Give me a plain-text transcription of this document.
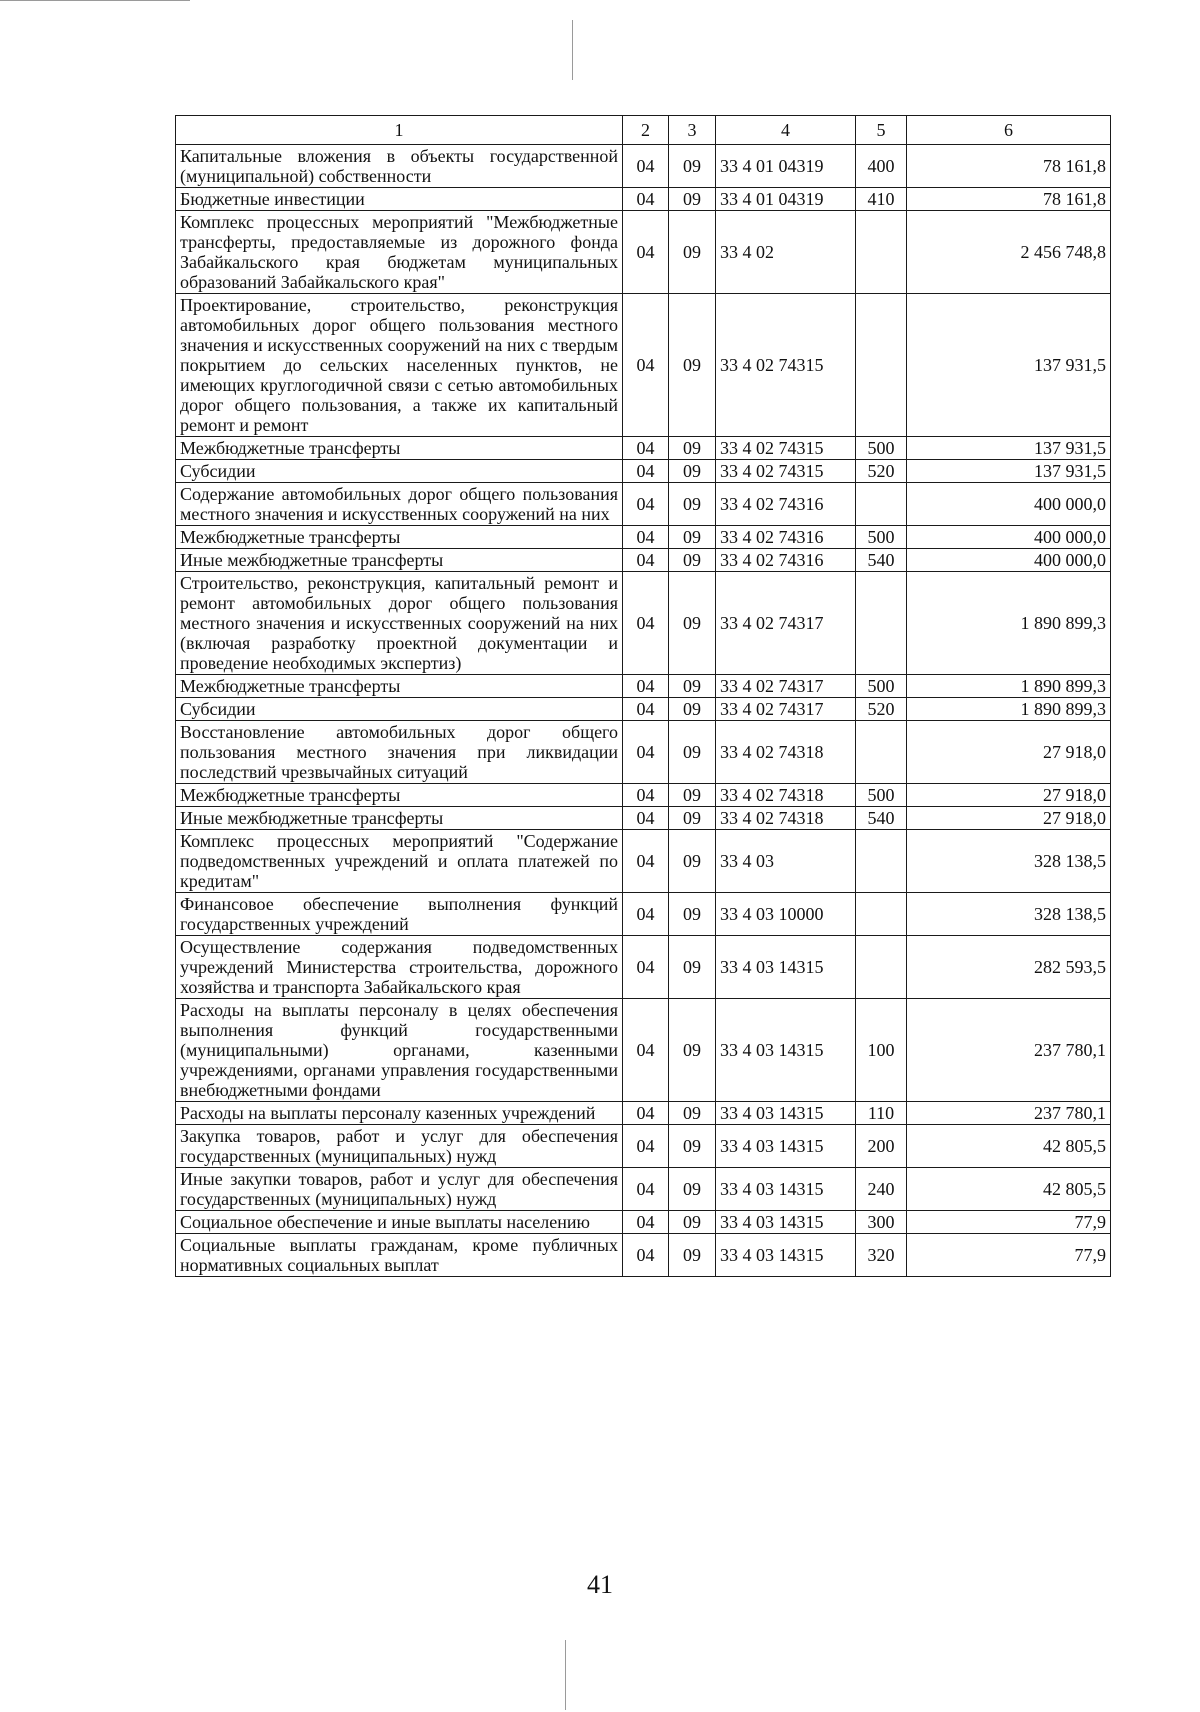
1	2	3	4	5	6
Капитальные вложения в объекты государственной (муниципальной) собственности	04	09	33 4 01 04319	400	78 161,8
Бюджетные инвестиции	04	09	33 4 01 04319	410	78 161,8
Комплекс процессных мероприятий "Межбюджетные трансферты, предоставляемые из дорожного фонда Забайкальского края бюджетам муниципальных образований Забайкальского края"	04	09	33 4 02		2 456 748,8
Проектирование, строительство, реконструкция автомобильных дорог общего пользования местного значения и искусственных сооружений на них с твердым покрытием до сельских населенных пунктов, не имеющих круглогодичной связи с сетью автомобильных дорог общего пользования, а также их капитальный ремонт и ремонт	04	09	33 4 02 74315		137 931,5
Межбюджетные трансферты	04	09	33 4 02 74315	500	137 931,5
Субсидии	04	09	33 4 02 74315	520	137 931,5
Содержание автомобильных дорог общего пользования местного значения и искусственных сооружений на них	04	09	33 4 02 74316		400 000,0
Межбюджетные трансферты	04	09	33 4 02 74316	500	400 000,0
Иные межбюджетные трансферты	04	09	33 4 02 74316	540	400 000,0
Строительство, реконструкция, капитальный ремонт и ремонт автомобильных дорог общего пользования местного значения и искусственных сооружений на них (включая разработку проектной документации и проведение необходимых экспертиз)	04	09	33 4 02 74317		1 890 899,3
Межбюджетные трансферты	04	09	33 4 02 74317	500	1 890 899,3
Субсидии	04	09	33 4 02 74317	520	1 890 899,3
Восстановление автомобильных дорог общего пользования местного значения при ликвидации последствий чрезвычайных ситуаций	04	09	33 4 02 74318		27 918,0
Межбюджетные трансферты	04	09	33 4 02 74318	500	27 918,0
Иные межбюджетные трансферты	04	09	33 4 02 74318	540	27 918,0
Комплекс процессных мероприятий "Содержание подведомственных учреждений и оплата платежей по кредитам"	04	09	33 4 03		328 138,5
Финансовое обеспечение выполнения функций государственных учреждений	04	09	33 4 03 10000		328 138,5
Осуществление содержания подведомственных учреждений Министерства строительства, дорожного хозяйства и транспорта Забайкальского края	04	09	33 4 03 14315		282 593,5
Расходы на выплаты персоналу в целях обеспечения выполнения функций государственными (муниципальными) органами, казенными учреждениями, органами управления государственными внебюджетными фондами	04	09	33 4 03 14315	100	237 780,1
Расходы на выплаты персоналу казенных учреждений	04	09	33 4 03 14315	110	237 780,1
Закупка товаров, работ и услуг для обеспечения государственных (муниципальных) нужд	04	09	33 4 03 14315	200	42 805,5
Иные закупки товаров, работ и услуг для обеспечения государственных (муниципальных) нужд	04	09	33 4 03 14315	240	42 805,5
Социальное обеспечение и иные выплаты населению	04	09	33 4 03 14315	300	77,9
Социальные выплаты гражданам, кроме публичных нормативных социальных выплат	04	09	33 4 03 14315	320	77,9
41
